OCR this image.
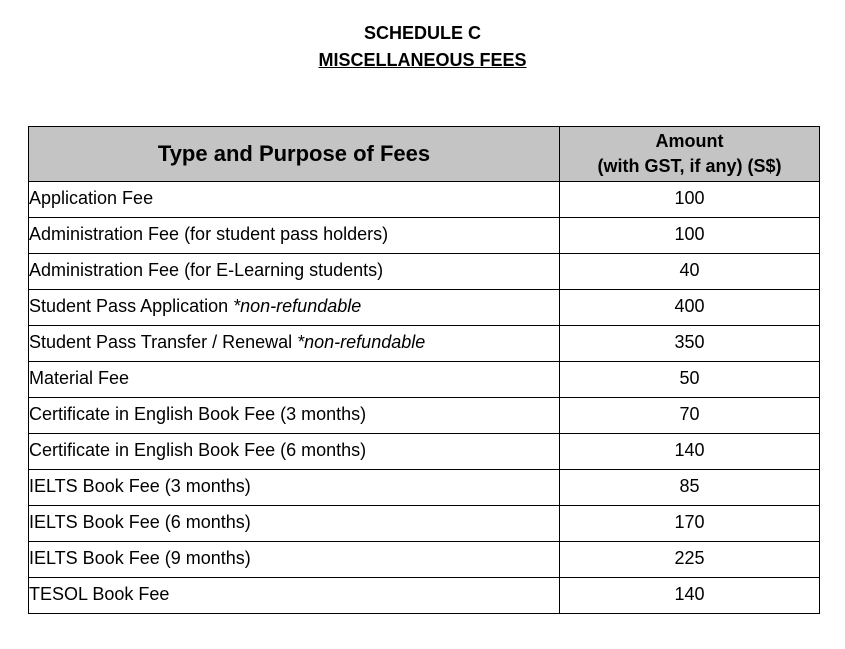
SCHEDULE C
MISCELLANEOUS FEES
Type and Purpose of Fees	Amount
(with GST, if any) (S$)

Application Fee	100
Administration Fee (for student pass holders)	100
Administration Fee (for E-Learning students)	40
Student Pass Application *non-refundable	400
Student Pass Transfer / Renewal *non-refundable	350
Material Fee	50
Certificate in English Book Fee (3 months)	70
Certificate in English Book Fee (6 months)	140
IELTS Book Fee (3 months)	85
IELTS Book Fee (6 months)	170
IELTS Book Fee (9 months)	225
TESOL Book Fee	140
